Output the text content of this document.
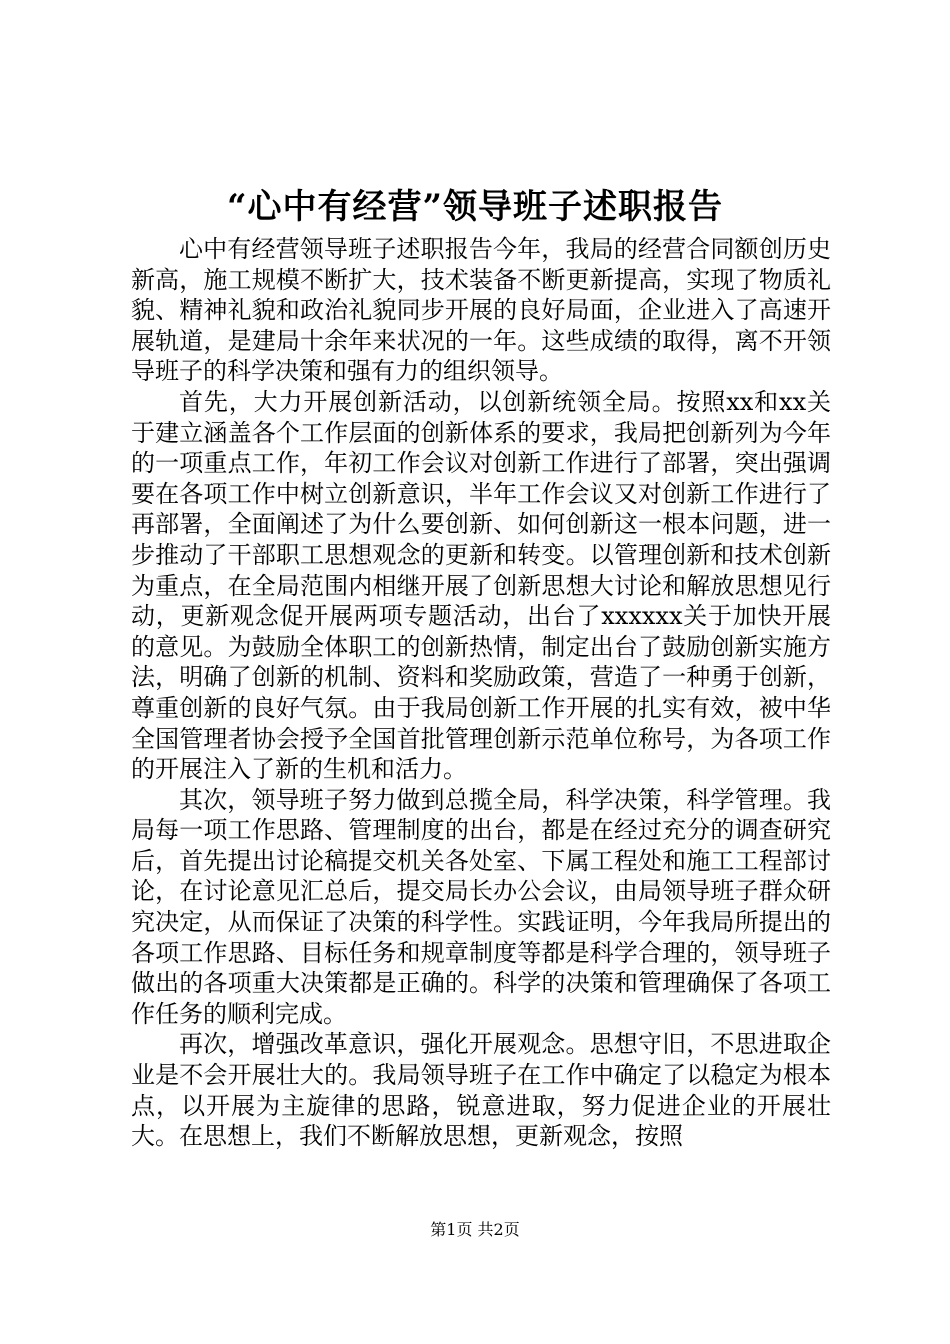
“心中有经营”领导班子述职报告

心中有经营领导班子述职报告今年，我局的经营合同额创历史新高，施工规模不断扩大，技术装备不断更新提高，实现了物质礼貌、精神礼貌和政治礼貌同步开展的良好局面，企业进入了高速开展轨道，是建局十余年来状况的一年。这些成绩的取得，离不开领导班子的科学决策和强有力的组织领导。

首先，大力开展创新活动，以创新统领全局。按照xx和xx关于建立涵盖各个工作层面的创新体系的要求，我局把创新列为今年的一项重点工作，年初工作会议对创新工作进行了部署，突出强调要在各项工作中树立创新意识，半年工作会议又对创新工作进行了再部署，全面阐述了为什么要创新、如何创新这一根本问题，进一步推动了干部职工思想观念的更新和转变。以管理创新和技术创新为重点，在全局范围内相继开展了创新思想大讨论和解放思想见行动，更新观念促开展两项专题活动，出台了xxxxxx关于加快开展的意见。为鼓励全体职工的创新热情，制定出台了鼓励创新实施方法，明确了创新的机制、资料和奖励政策，营造了一种勇于创新，尊重创新的良好气氛。由于我局创新工作开展的扎实有效，被中华全国管理者协会授予全国首批管理创新示范单位称号，为各项工作的开展注入了新的生机和活力。

其次，领导班子努力做到总揽全局，科学决策，科学管理。我局每一项工作思路、管理制度的出台，都是在经过充分的调查研究后，首先提出讨论稿提交机关各处室、下属工程处和施工工程部讨论，在讨论意见汇总后，提交局长办公会议，由局领导班子群众研究决定，从而保证了决策的科学性。实践证明，今年我局所提出的各项工作思路、目标任务和规章制度等都是科学合理的，领导班子做出的各项重大决策都是正确的。科学的决策和管理确保了各项工作任务的顺利完成。

再次，增强改革意识，强化开展观念。思想守旧，不思进取企业是不会开展壮大的。我局领导班子在工作中确定了以稳定为根本点，以开展为主旋律的思路，锐意进取，努力促进企业的开展壮大。在思想上，我们不断解放思想，更新观念，按照

第1页 共2页
